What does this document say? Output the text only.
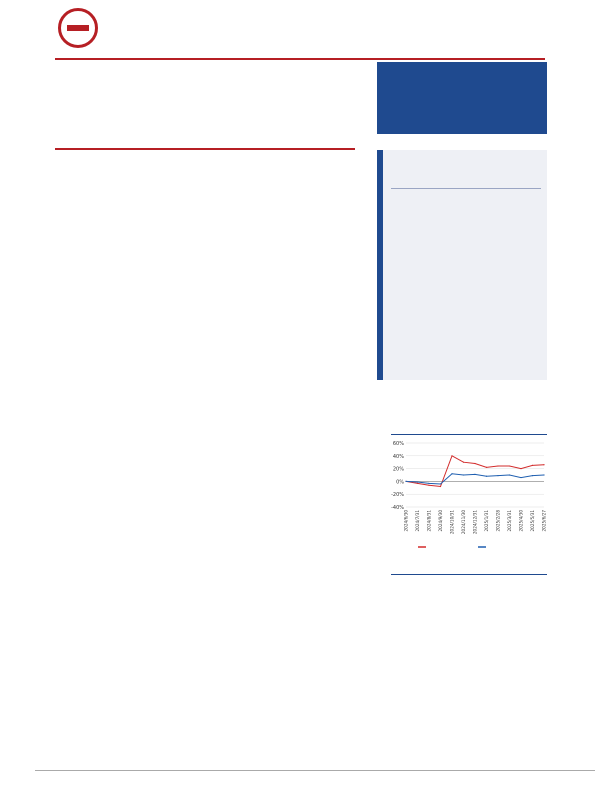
60%
40%
20%
0%
-20%
-40%
2024/6/30 2024/7/31 2024/8/31 2024/9/30 2024/10/31 2024/11/30 2024/12/31 2025/1/31 2025/2/28 2025/3/31 2025/4/30 2025/5/31 2025/6/27
